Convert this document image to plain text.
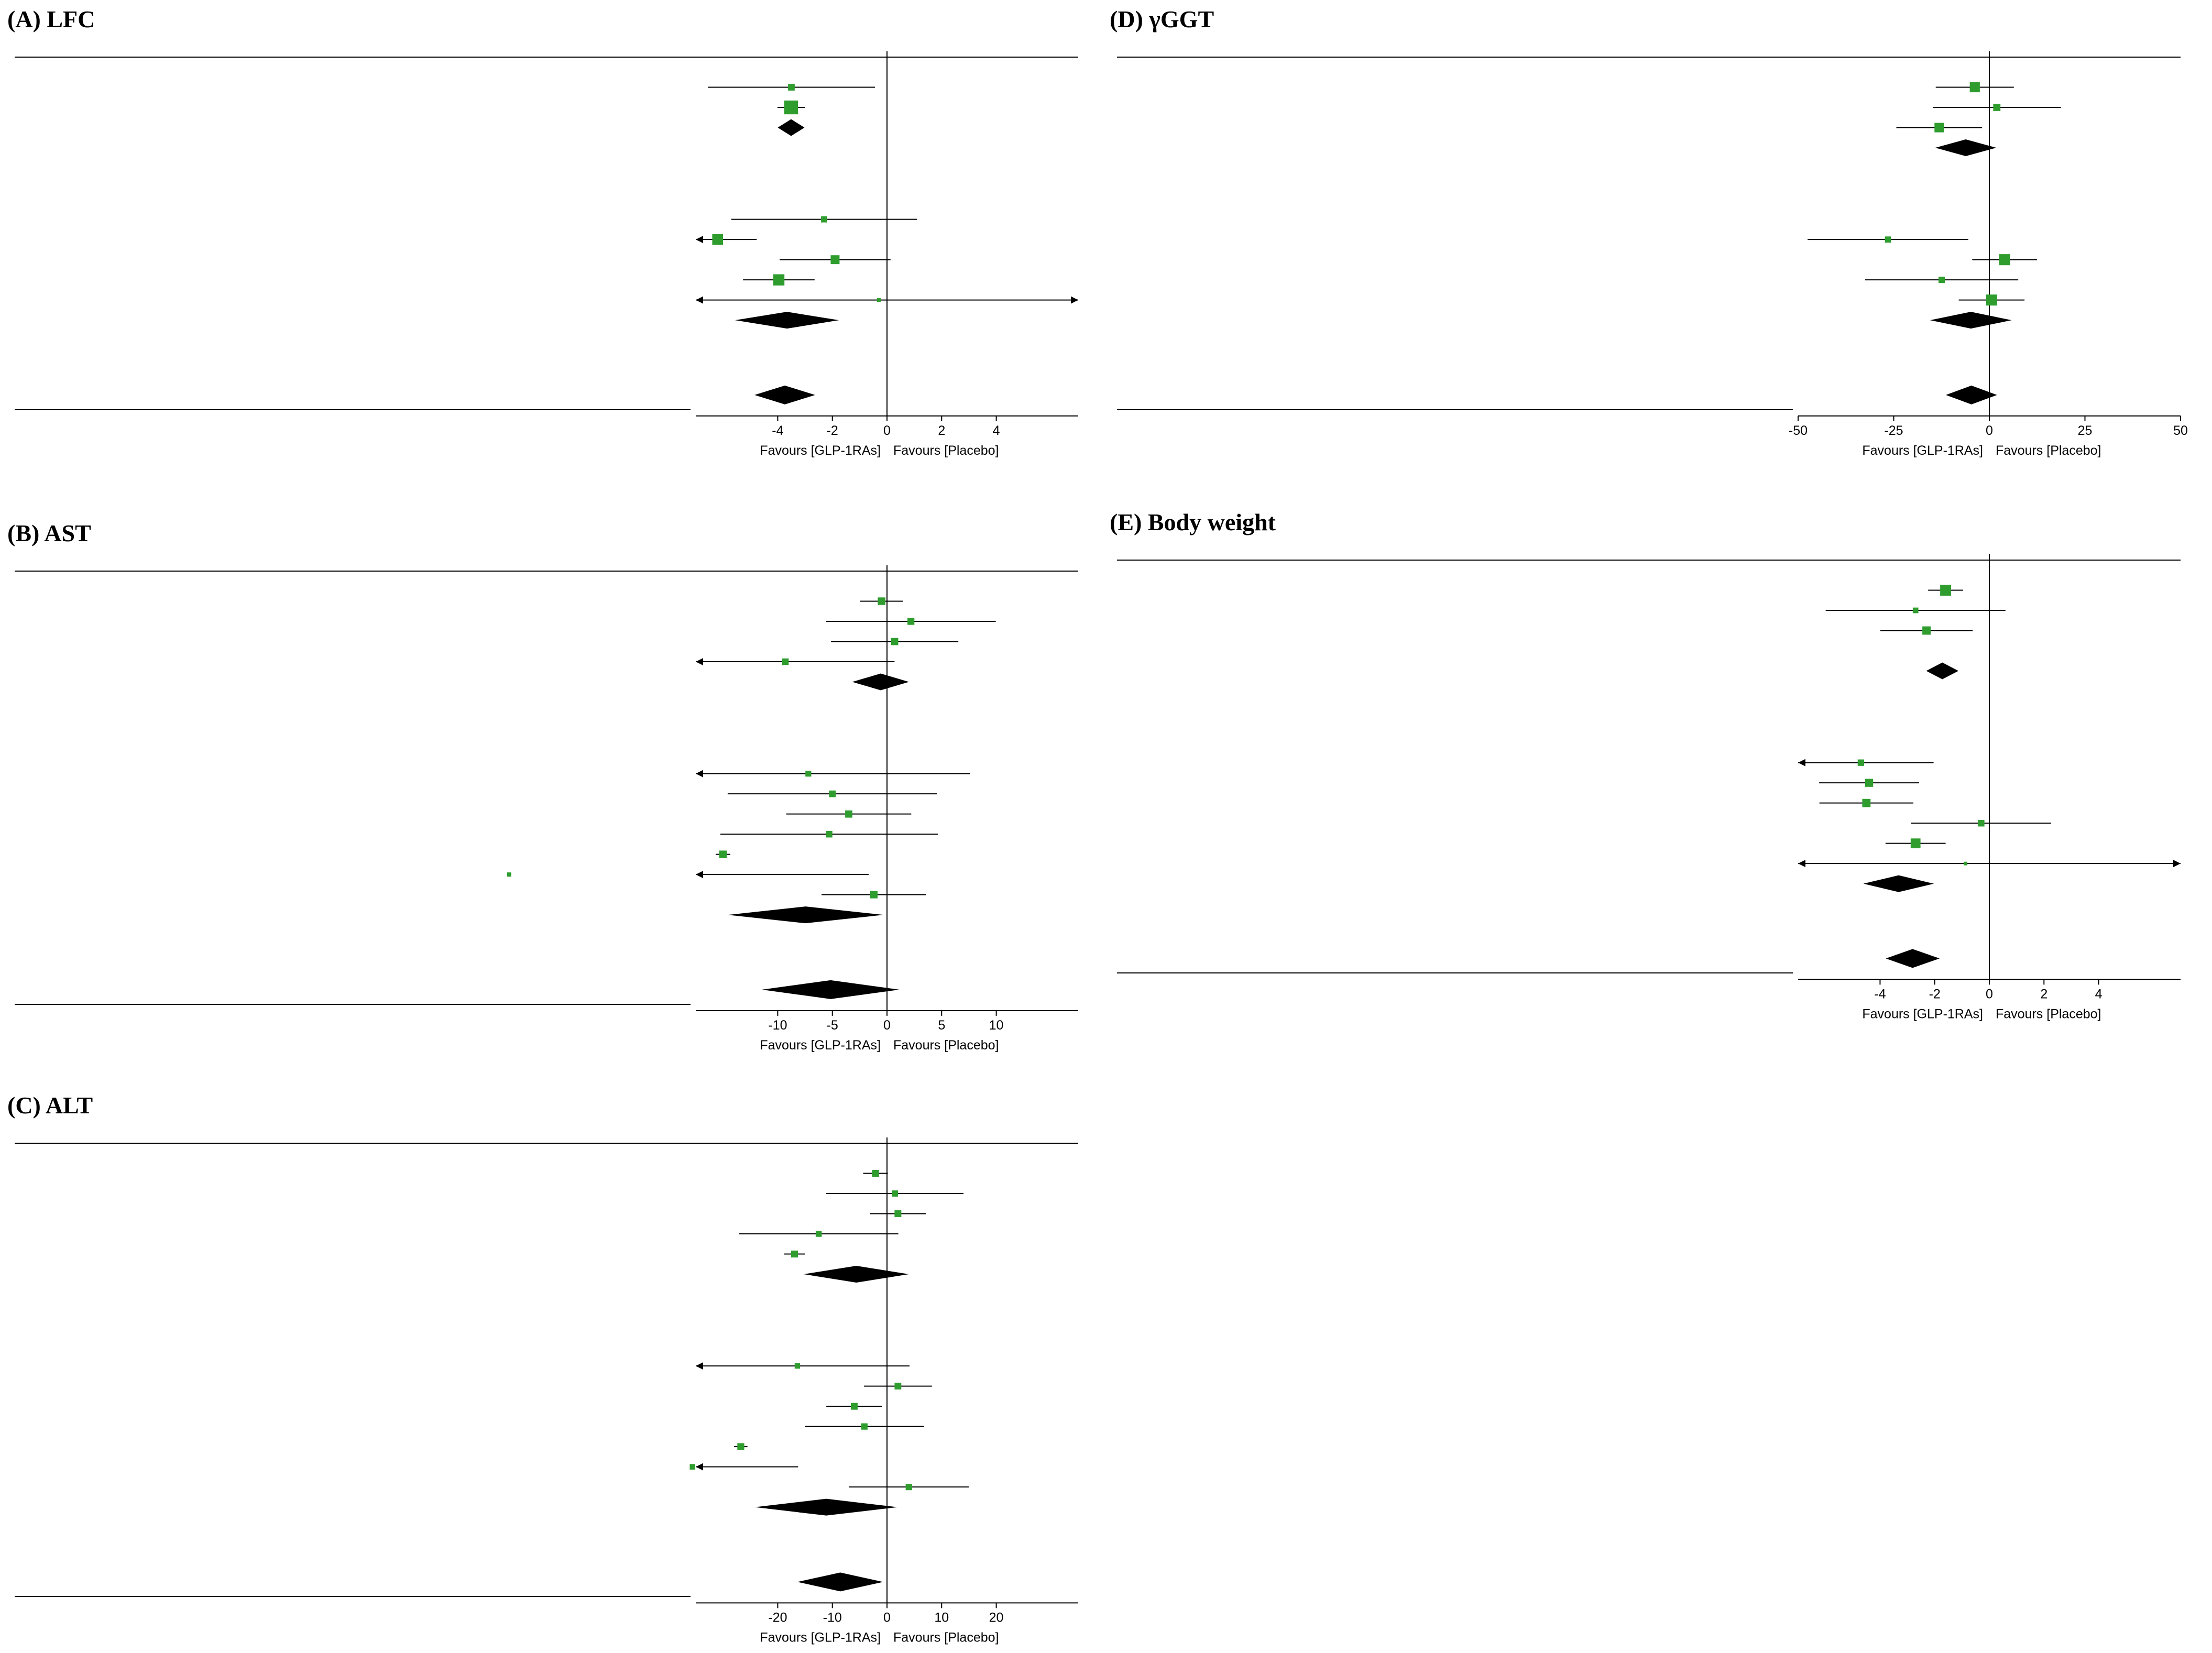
(A) LFC
-4	-2	0	2	4
Favours [GLP-1RAs] Favours [Placebo]
(B) AST
-10	-5	0	5	10
Favours [GLP-1RAs] Favours [Placebo]
(C) ALT
-20	-10	0	10	20
Favours [GLP-1RAs] Favours [Placebo]
(D) γGGT
-50	-25	0	25	50
Favours [GLP-1RAs] Favours [Placebo]
(E) Body weight
-4	-2	0	2	4
Favours [GLP-1RAs] Favours [Placebo]
